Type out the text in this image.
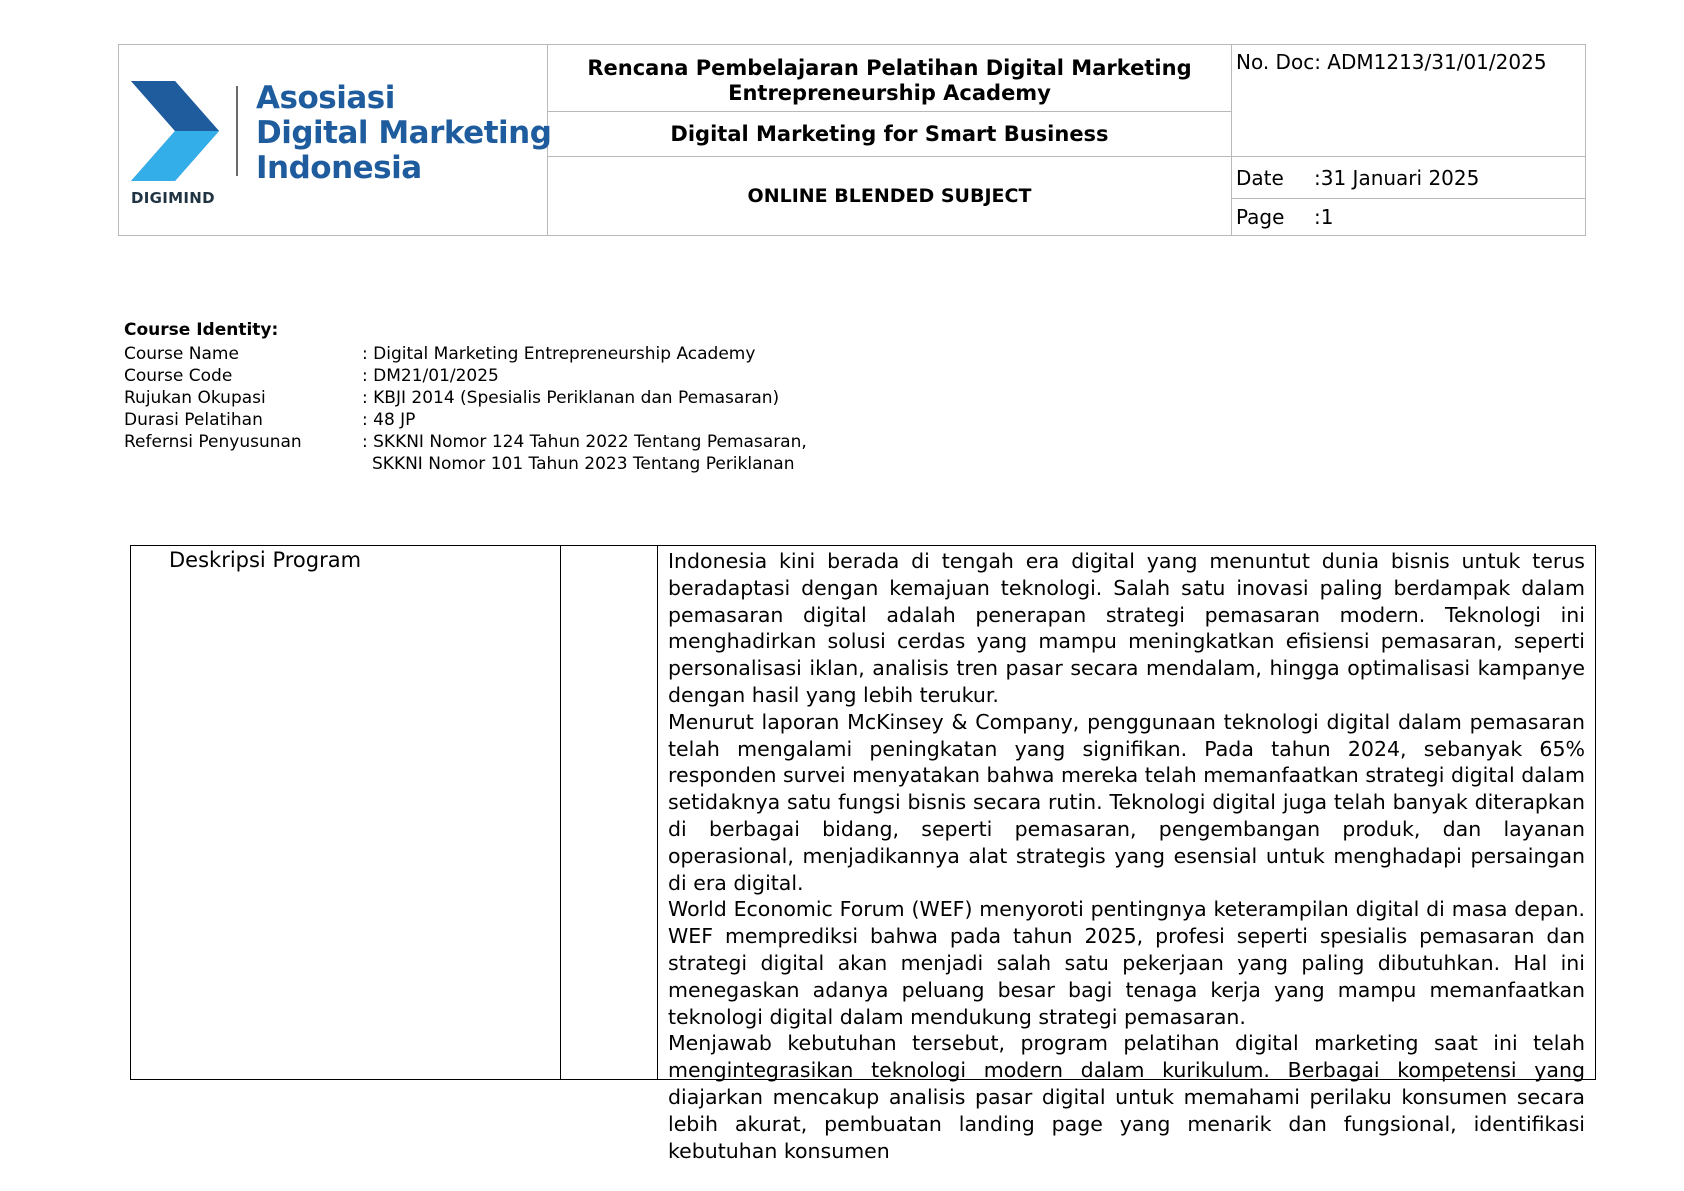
Asosiasi
Digital Marketing
Indonesia
DIGIMIND	Rencana Pembelajaran Pelatihan Digital Marketing Entrepreneurship Academy	No. Doc: ADM1213/31/01/2025

	Digital Marketing for Smart Business	

	ONLINE BLENDED SUBJECT	Date :31 Januari 2025

		Page :1
Course Identity:
Course Name	: Digital Marketing Entrepreneurship Academy
Course Code	: DM21/01/2025
Rujukan Okupasi	: KBJI 2014 (Spesialis Periklanan dan Pemasaran)
Durasi Pelatihan	: 48 JP
Refernsi Penyusunan	: SKKNI Nomor 124 Tahun 2022 Tentang Pemasaran,
SKKNI Nomor 101 Tahun 2023 Tentang Periklanan
Deskripsi Program		Indonesia kini berada di tengah era digital yang menuntut dunia bisnis untuk terus beradaptasi dengan kemajuan teknologi. Salah satu inovasi paling berdampak dalam pemasaran digital adalah penerapan strategi pemasaran modern. Teknologi ini menghadirkan solusi cerdas yang mampu meningkatkan efisiensi pemasaran, seperti personalisasi iklan, analisis tren pasar secara mendalam, hingga optimalisasi kampanye dengan hasil yang lebih terukur.

Menurut laporan McKinsey & Company, penggunaan teknologi digital dalam pemasaran telah mengalami peningkatan yang signifikan. Pada tahun 2024, sebanyak 65% responden survei menyatakan bahwa mereka telah memanfaatkan strategi digital dalam setidaknya satu fungsi bisnis secara rutin. Teknologi digital juga telah banyak diterapkan di berbagai bidang, seperti pemasaran, pengembangan produk, dan layanan operasional, menjadikannya alat strategis yang esensial untuk menghadapi persaingan di era digital.

World Economic Forum (WEF) menyoroti pentingnya keterampilan digital di masa depan. WEF memprediksi bahwa pada tahun 2025, profesi seperti spesialis pemasaran dan strategi digital akan menjadi salah satu pekerjaan yang paling dibutuhkan. Hal ini menegaskan adanya peluang besar bagi tenaga kerja yang mampu memanfaatkan teknologi digital dalam mendukung strategi pemasaran.

Menjawab kebutuhan tersebut, program pelatihan digital marketing saat ini telah mengintegrasikan teknologi modern dalam kurikulum. Berbagai kompetensi yang diajarkan mencakup analisis pasar digital untuk memahami perilaku konsumen secara lebih akurat, pembuatan landing page yang menarik dan fungsional, identifikasi kebutuhan konsumen
